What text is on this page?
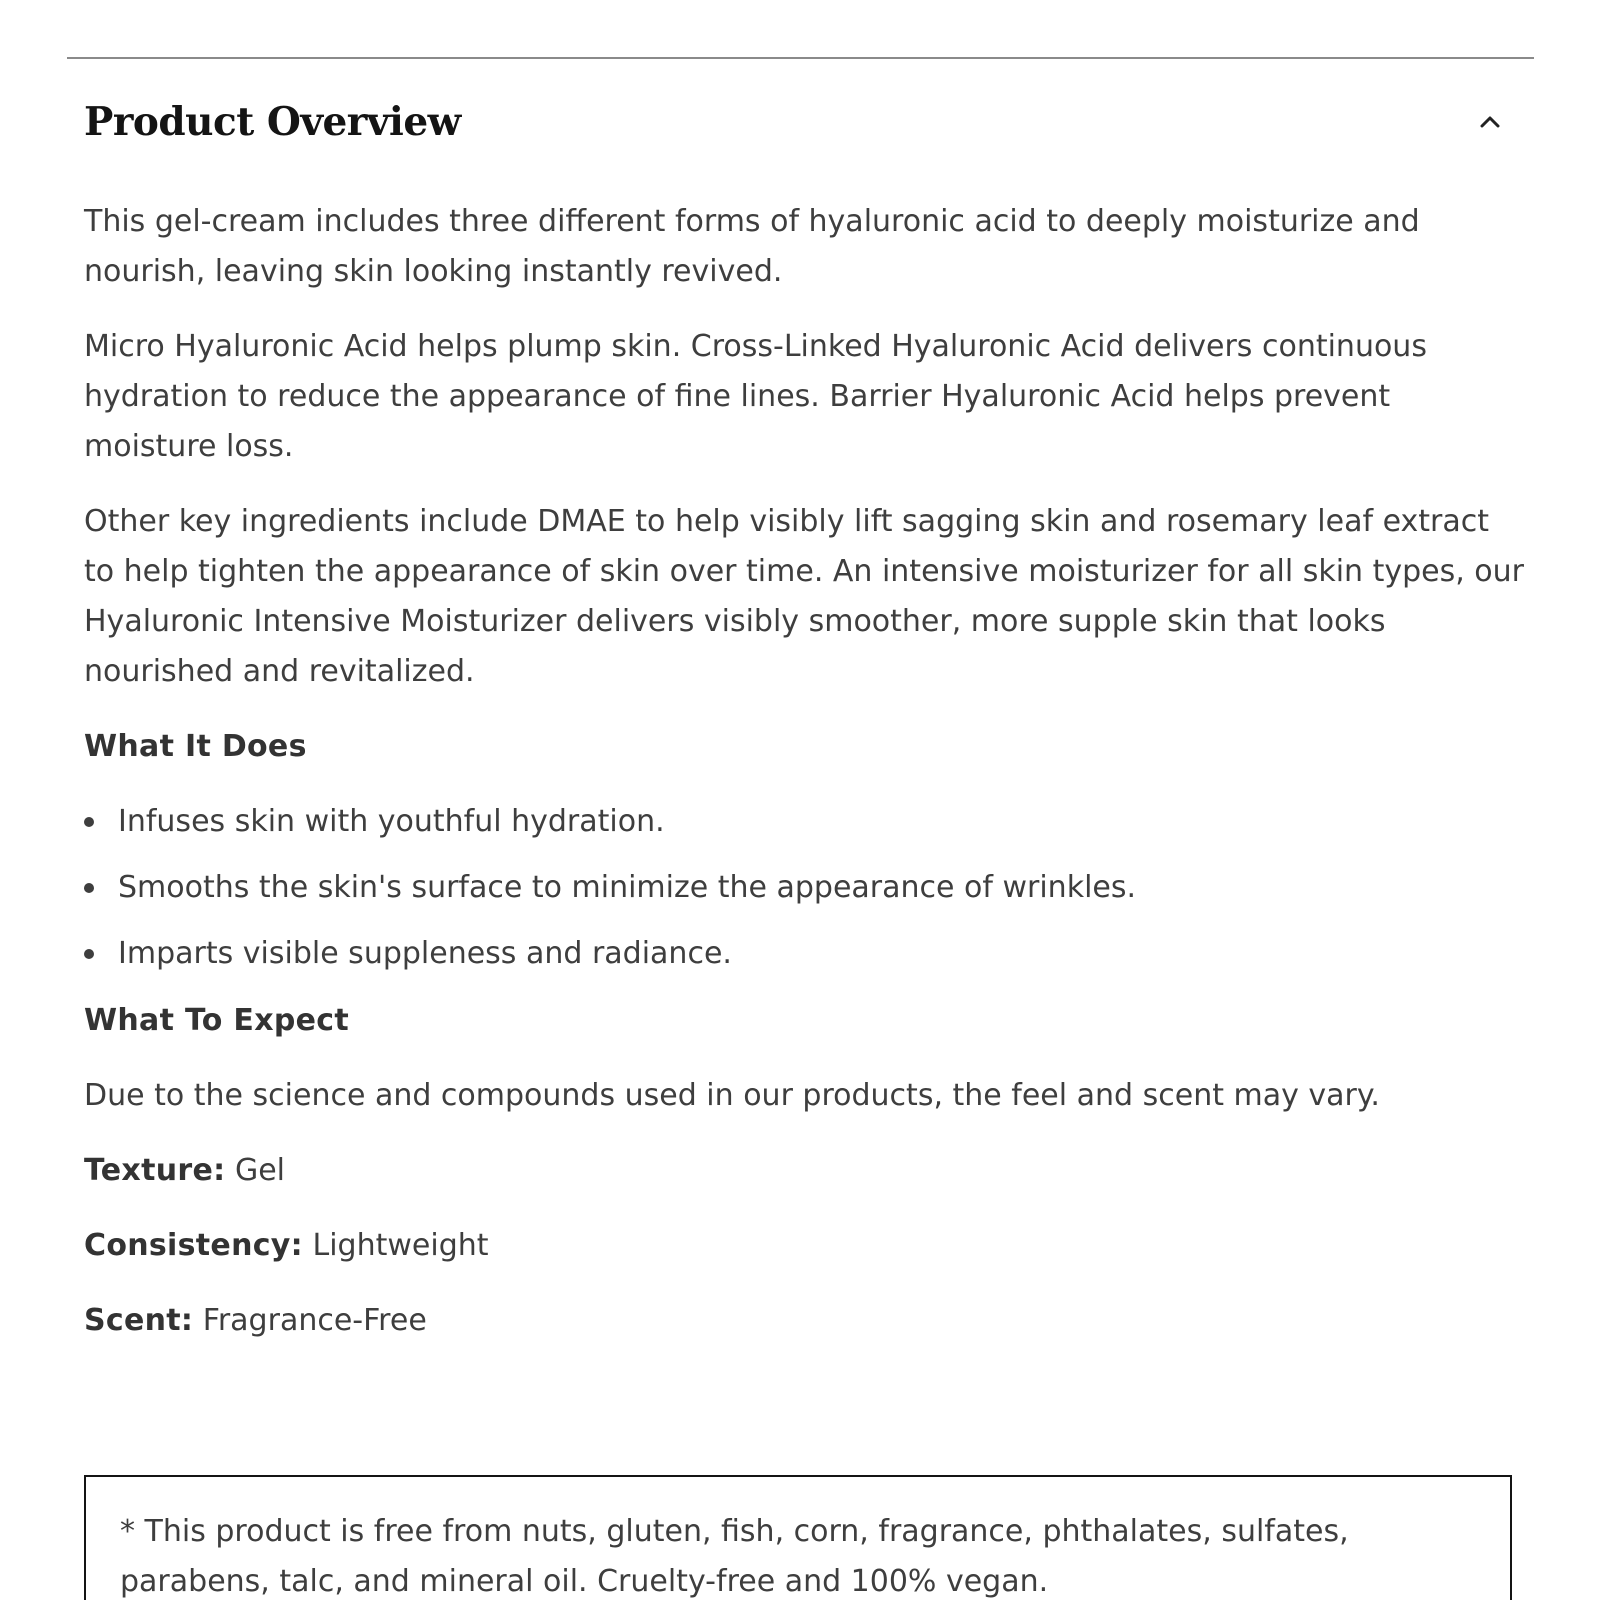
Product Overview

This gel-cream includes three different forms of hyaluronic acid to deeply moisturize and nourish, leaving skin looking instantly revived.

Micro Hyaluronic Acid helps plump skin. Cross-Linked Hyaluronic Acid delivers continuous hydration to reduce the appearance of fine lines. Barrier Hyaluronic Acid helps prevent
moisture loss.

Other key ingredients include DMAE to help visibly lift sagging skin and rosemary leaf extract to help tighten the appearance of skin over time. An intensive moisturizer for all skin types, our Hyaluronic Intensive Moisturizer delivers visibly smoother, more supple skin that looks nourished and revitalized.

What It Does
Infuses skin with youthful hydration.
Smooths the skin's surface to minimize the appearance of wrinkles.
Imparts visible suppleness and radiance.
What To Expect

Due to the science and compounds used in our products, the feel and scent may vary.

Texture: Gel
Consistency: Lightweight
Scent: Fragrance-Free

* This product is free from nuts, gluten, fish, corn, fragrance, phthalates, sulfates, parabens, talc, and mineral oil. Cruelty-free and 100% vegan.
